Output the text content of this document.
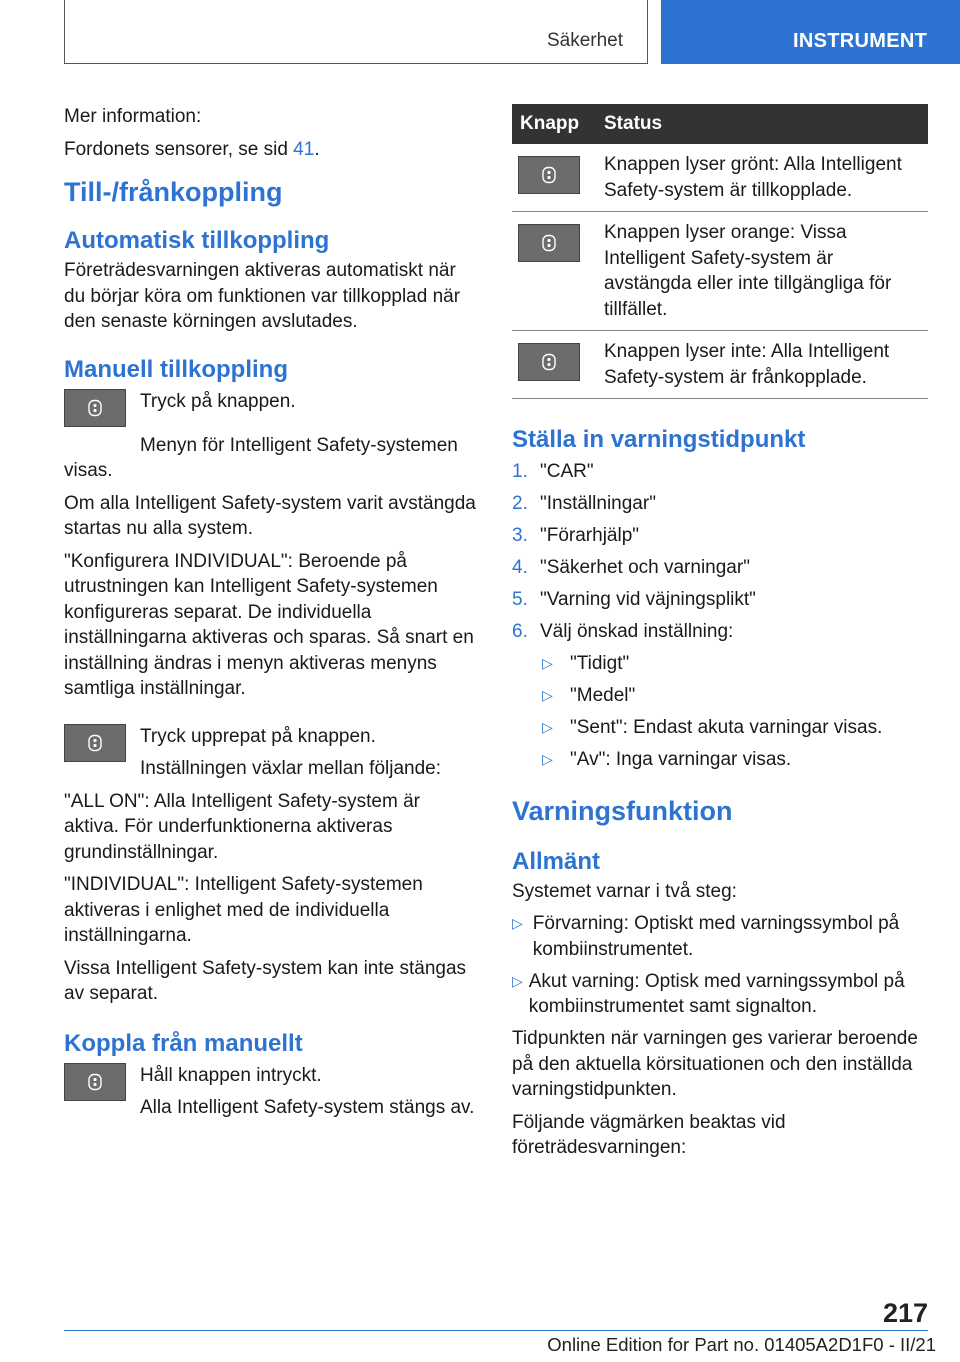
Säkerhet	INSTRUMENT

Mer information:

Fordonets sensorer, se sid 41.

Till-/frånkoppling
Automatisk tillkoppling

Företrädesvarningen aktiveras automatiskt när du börjar köra om funktionen var tillkopplad när den senaste körningen avslutades.

Manuell tillkoppling

Tryck på knappen.

Menyn för Intelligent Safety-systemen visas.

Om alla Intelligent Safety-system varit avstängda startas nu alla system.

"Konfigurera INDIVIDUAL": Beroende på utrustningen kan Intelligent Safety-systemen konfigureras separat. De individuella inställningarna aktiveras och sparas. Så snart en inställning ändras i menyn aktiveras menyns samtliga inställningar.

Tryck upprepat på knappen.

Inställningen växlar mellan följande:

"ALL ON": Alla Intelligent Safety-system är aktiva. För underfunktionerna aktiveras grundinställningar.

"INDIVIDUAL": Intelligent Safety-systemen aktiveras i enlighet med de individuella inställningarna.

Vissa Intelligent Safety-system kan inte stängas av separat.

Koppla från manuellt

Håll knappen intryckt.

Alla Intelligent Safety-system stängs av.

Knapp	Status

	Knappen lyser grönt: Alla Intelligent Safety-system är tillkopplade.

	Knappen lyser orange: Vissa Intelligent Safety-system är avstängda eller inte tillgängliga för tillfället.

	Knappen lyser inte: Alla Intelligent Safety-system är frånkopplade.
Ställa in varningstidpunkt
1. "CAR"
2. "Inställningar"
3. "Förarhjälp"
4. "Säkerhet och varningar"
5. "Varning vid väjningsplikt"
6. Välj önskad inställning:
▷ "Tidigt"
▷ "Medel"
▷ "Sent": Endast akuta varningar visas.
▷ "Av": Inga varningar visas.
Varningsfunktion
Allmänt

Systemet varnar i två steg:

▷ Förvarning: Optiskt med varningssymbol på kombiinstrumentet.
▷ Akut varning: Optisk med varningssymbol på kombiinstrumentet samt signalton.

Tidpunkten när varningen ges varierar beroende på den aktuella körsituationen och den inställda varningstidpunkten.

Följande vägmärken beaktas vid företrädesvarningen:

217
Online Edition for Part no. 01405A2D1F0 - II/21
